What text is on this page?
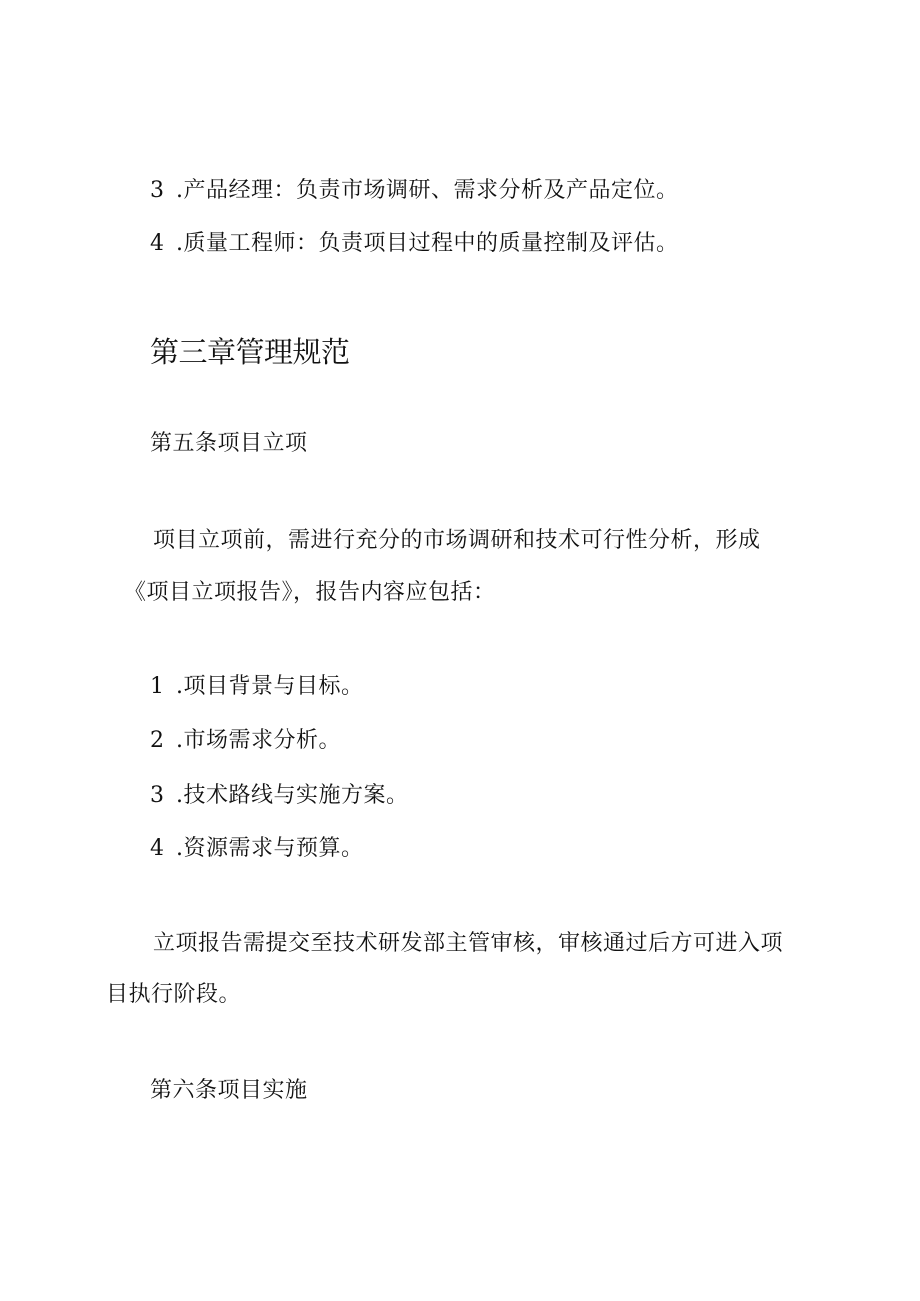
3 .产品经理：负责市场调研、需求分析及产品定位。
4 .质量工程师：负责项目过程中的质量控制及评估。
第三章管理规范
第五条项目立项
项目立项前，需进行充分的市场调研和技术可行性分析，形成
《项目立项报告》，报告内容应包括：
1 .项目背景与目标。
2 .市场需求分析。
3 .技术路线与实施方案。
4 .资源需求与预算。
立项报告需提交至技术研发部主管审核，审核通过后方可进入项
目执行阶段。
第六条项目实施
